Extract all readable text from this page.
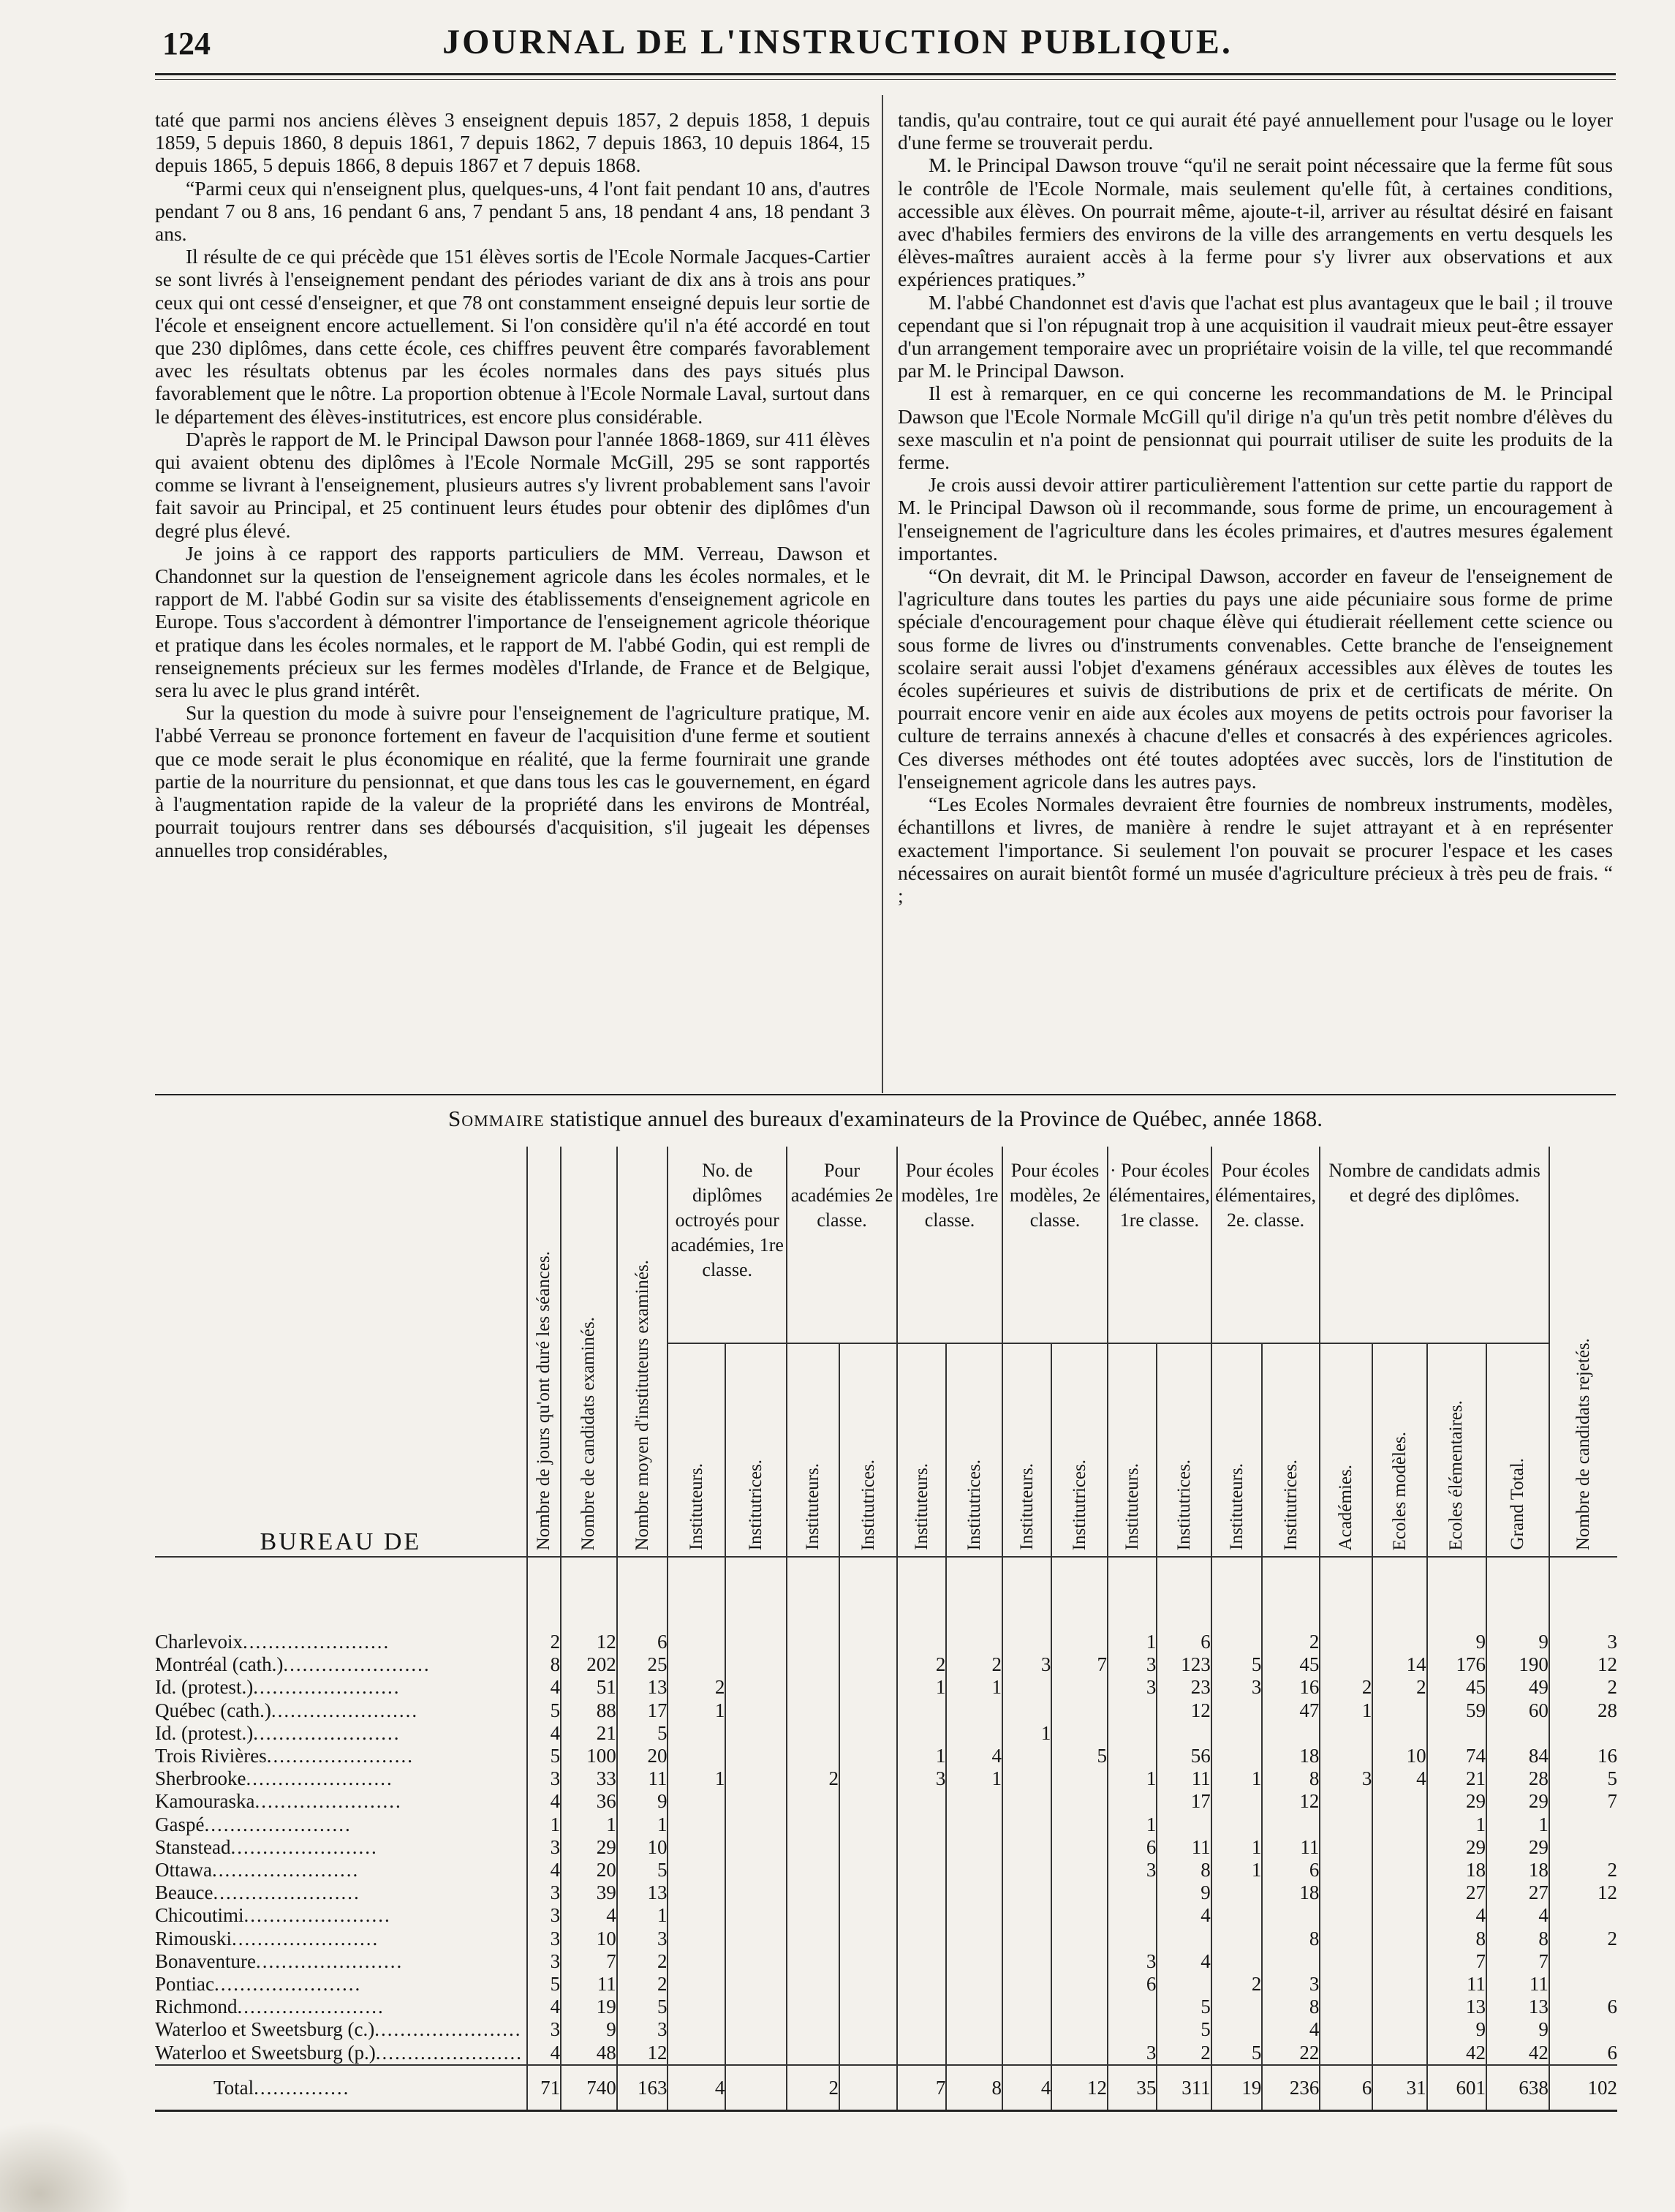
124	JOURNAL DE L'INSTRUCTION PUBLIQUE.

taté que parmi nos anciens élèves 3 enseignent depuis 1857, 2 depuis 1858, 1 depuis 1859, 5 depuis 1860, 8 depuis 1861, 7 depuis 1862, 7 depuis 1863, 10 depuis 1864, 15 depuis 1865, 5 depuis 1866, 8 depuis 1867 et 7 depuis 1868.

“Parmi ceux qui n'enseignent plus, quelques-uns, 4 l'ont fait pendant 10 ans, d'autres pendant 7 ou 8 ans, 16 pendant 6 ans, 7 pendant 5 ans, 18 pendant 4 ans, 18 pendant 3 ans.

Il résulte de ce qui précède que 151 élèves sortis de l'Ecole Normale Jacques-Cartier se sont livrés à l'enseignement pendant des périodes variant de dix ans à trois ans pour ceux qui ont cessé d'enseigner, et que 78 ont constamment enseigné depuis leur sortie de l'école et enseignent encore actuellement. Si l'on considère qu'il n'a été accordé en tout que 230 diplômes, dans cette école, ces chiffres peuvent être comparés favorablement avec les résultats obtenus par les écoles normales dans des pays situés plus favorablement que le nôtre. La proportion obtenue à l'Ecole Normale Laval, surtout dans le département des élèves-institutrices, est encore plus considérable.

D'après le rapport de M. le Principal Dawson pour l'année 1868-1869, sur 411 élèves qui avaient obtenu des diplômes à l'Ecole Normale McGill, 295 se sont rapportés comme se livrant à l'enseignement, plusieurs autres s'y livrent probablement sans l'avoir fait savoir au Principal, et 25 continuent leurs études pour obtenir des diplômes d'un degré plus élevé.

Je joins à ce rapport des rapports particuliers de MM. Verreau, Dawson et Chandonnet sur la question de l'enseignement agricole dans les écoles normales, et le rapport de M. l'abbé Godin sur sa visite des établissements d'enseignement agricole en Europe. Tous s'accordent à démontrer l'importance de l'enseignement agricole théorique et pratique dans les écoles normales, et le rapport de M. l'abbé Godin, qui est rempli de renseignements précieux sur les fermes modèles d'Irlande, de France et de Belgique, sera lu avec le plus grand intérêt.

Sur la question du mode à suivre pour l'enseignement de l'agriculture pratique, M. l'abbé Verreau se prononce fortement en faveur de l'acquisition d'une ferme et soutient que ce mode serait le plus économique en réalité, que la ferme fournirait une grande partie de la nourriture du pensionnat, et que dans tous les cas le gouvernement, en égard à l'augmentation rapide de la valeur de la propriété dans les environs de Montréal, pourrait toujours rentrer dans ses déboursés d'acquisition, s'il jugeait les dépenses annuelles trop considérables,

tandis, qu'au contraire, tout ce qui aurait été payé annuellement pour l'usage ou le loyer d'une ferme se trouverait perdu.

M. le Principal Dawson trouve “qu'il ne serait point nécessaire que la ferme fût sous le contrôle de l'Ecole Normale, mais seulement qu'elle fût, à certaines conditions, accessible aux élèves. On pourrait même, ajoute-t-il, arriver au résultat désiré en faisant avec d'habiles fermiers des environs de la ville des arrangements en vertu desquels les élèves-maîtres auraient accès à la ferme pour s'y livrer aux observations et aux expériences pratiques.”

M. l'abbé Chandonnet est d'avis que l'achat est plus avantageux que le bail ; il trouve cependant que si l'on répugnait trop à une acquisition il vaudrait mieux peut-être essayer d'un arrangement temporaire avec un propriétaire voisin de la ville, tel que recommandé par M. le Principal Dawson.

Il est à remarquer, en ce qui concerne les recommandations de M. le Principal Dawson que l'Ecole Normale McGill qu'il dirige n'a qu'un très petit nombre d'élèves du sexe masculin et n'a point de pensionnat qui pourrait utiliser de suite les produits de la ferme.

Je crois aussi devoir attirer particulièrement l'attention sur cette partie du rapport de M. le Principal Dawson où il recommande, sous forme de prime, un encouragement à l'enseignement de l'agriculture dans les écoles primaires, et d'autres mesures également importantes.

“On devrait, dit M. le Principal Dawson, accorder en faveur de l'enseignement de l'agriculture dans toutes les parties du pays une aide pécuniaire sous forme de prime spéciale d'encouragement pour chaque élève qui étudierait réellement cette science ou sous forme de livres ou d'instruments convenables. Cette branche de l'enseignement scolaire serait aussi l'objet d'examens généraux accessibles aux élèves de toutes les écoles supérieures et suivis de distributions de prix et de certificats de mérite. On pourrait encore venir en aide aux écoles aux moyens de petits octrois pour favoriser la culture de terrains annexés à chacune d'elles et consacrés à des expériences agricoles. Ces diverses méthodes ont été toutes adoptées avec succès, lors de l'institution de l'enseignement agricole dans les autres pays.

“Les Ecoles Normales devraient être fournies de nombreux instruments, modèles, échantillons et livres, de manière à rendre le sujet attrayant et à en représenter exactement l'importance. Si seulement l'on pouvait se procurer l'espace et les cases nécessaires on aurait bientôt formé un musée d'agriculture précieux à très peu de frais. “ ;

Sommaire statistique annuel des bureaux d'examinateurs de la Province de Québec, année 1868.
BUREAU DE	Nombre de jours qu'ont duré les séances.	Nombre de candidats examinés.	Nombre moyen d'instituteurs examinés.	No. de diplômes octroyés pour académies, 1re classe.		Pour académies 2e classe.		Pour écoles modèles, 1re classe.		Pour écoles modèles, 2e classe.		· Pour écoles élémentaires, 1re classe.		Pour écoles élémentaires, 2e. classe.		Nombre de candidats admis et degré des diplômes.				Nombre de candidats rejetés.

				Instituteurs.	Institutrices.	Instituteurs.	Institutrices.	Instituteurs.	Institutrices.	Instituteurs.	Institutrices.	Instituteurs.	Institutrices.	Instituteurs.	Institutrices.	Académies.	Ecoles modèles.	Ecoles élémentaires.	Grand Total.	

Charlevoix.......................	2	12	6									1	6		2			9	9	3
Montréal (cath.).......................	8	202	25					2	2	3	7	3	123	5	45		14	176	190	12
Id. (protest.).......................	4	51	13	2				1	1			3	23	3	16	2	2	45	49	2
Québec (cath.).......................	5	88	17	1									12		47	1		59	60	28
Id. (protest.).......................	4	21	5							1										
Trois Rivières.......................	5	100	20					1	4		5		56		18		10	74	84	16
Sherbrooke.......................	3	33	11	1		2		3	1			1	11	1	8	3	4	21	28	5
Kamouraska.......................	4	36	9										17		12			29	29	7
Gaspé.......................	1	1	1									1						1	1	
Stanstead.......................	3	29	10									6	11	1	11			29	29	
Ottawa.......................	4	20	5									3	8	1	6			18	18	2
Beauce.......................	3	39	13										9		18			27	27	12
Chicoutimi.......................	3	4	1										4					4	4	
Rimouski.......................	3	10	3												8			8	8	2
Bonaventure.......................	3	7	2									3	4					7	7	
Pontiac.......................	5	11	2									6		2	3			11	11	
Richmond.......................	4	19	5										5		8			13	13	6
Waterloo et Sweetsburg (c.).......................	3	9	3										5		4			9	9	
Waterloo et Sweetsburg (p.).......................	4	48	12									3	2	5	22			42	42	6
Total...............	71	740	163	4		2		7	8	4	12	35	311	19	236	6	31	601	638	102
